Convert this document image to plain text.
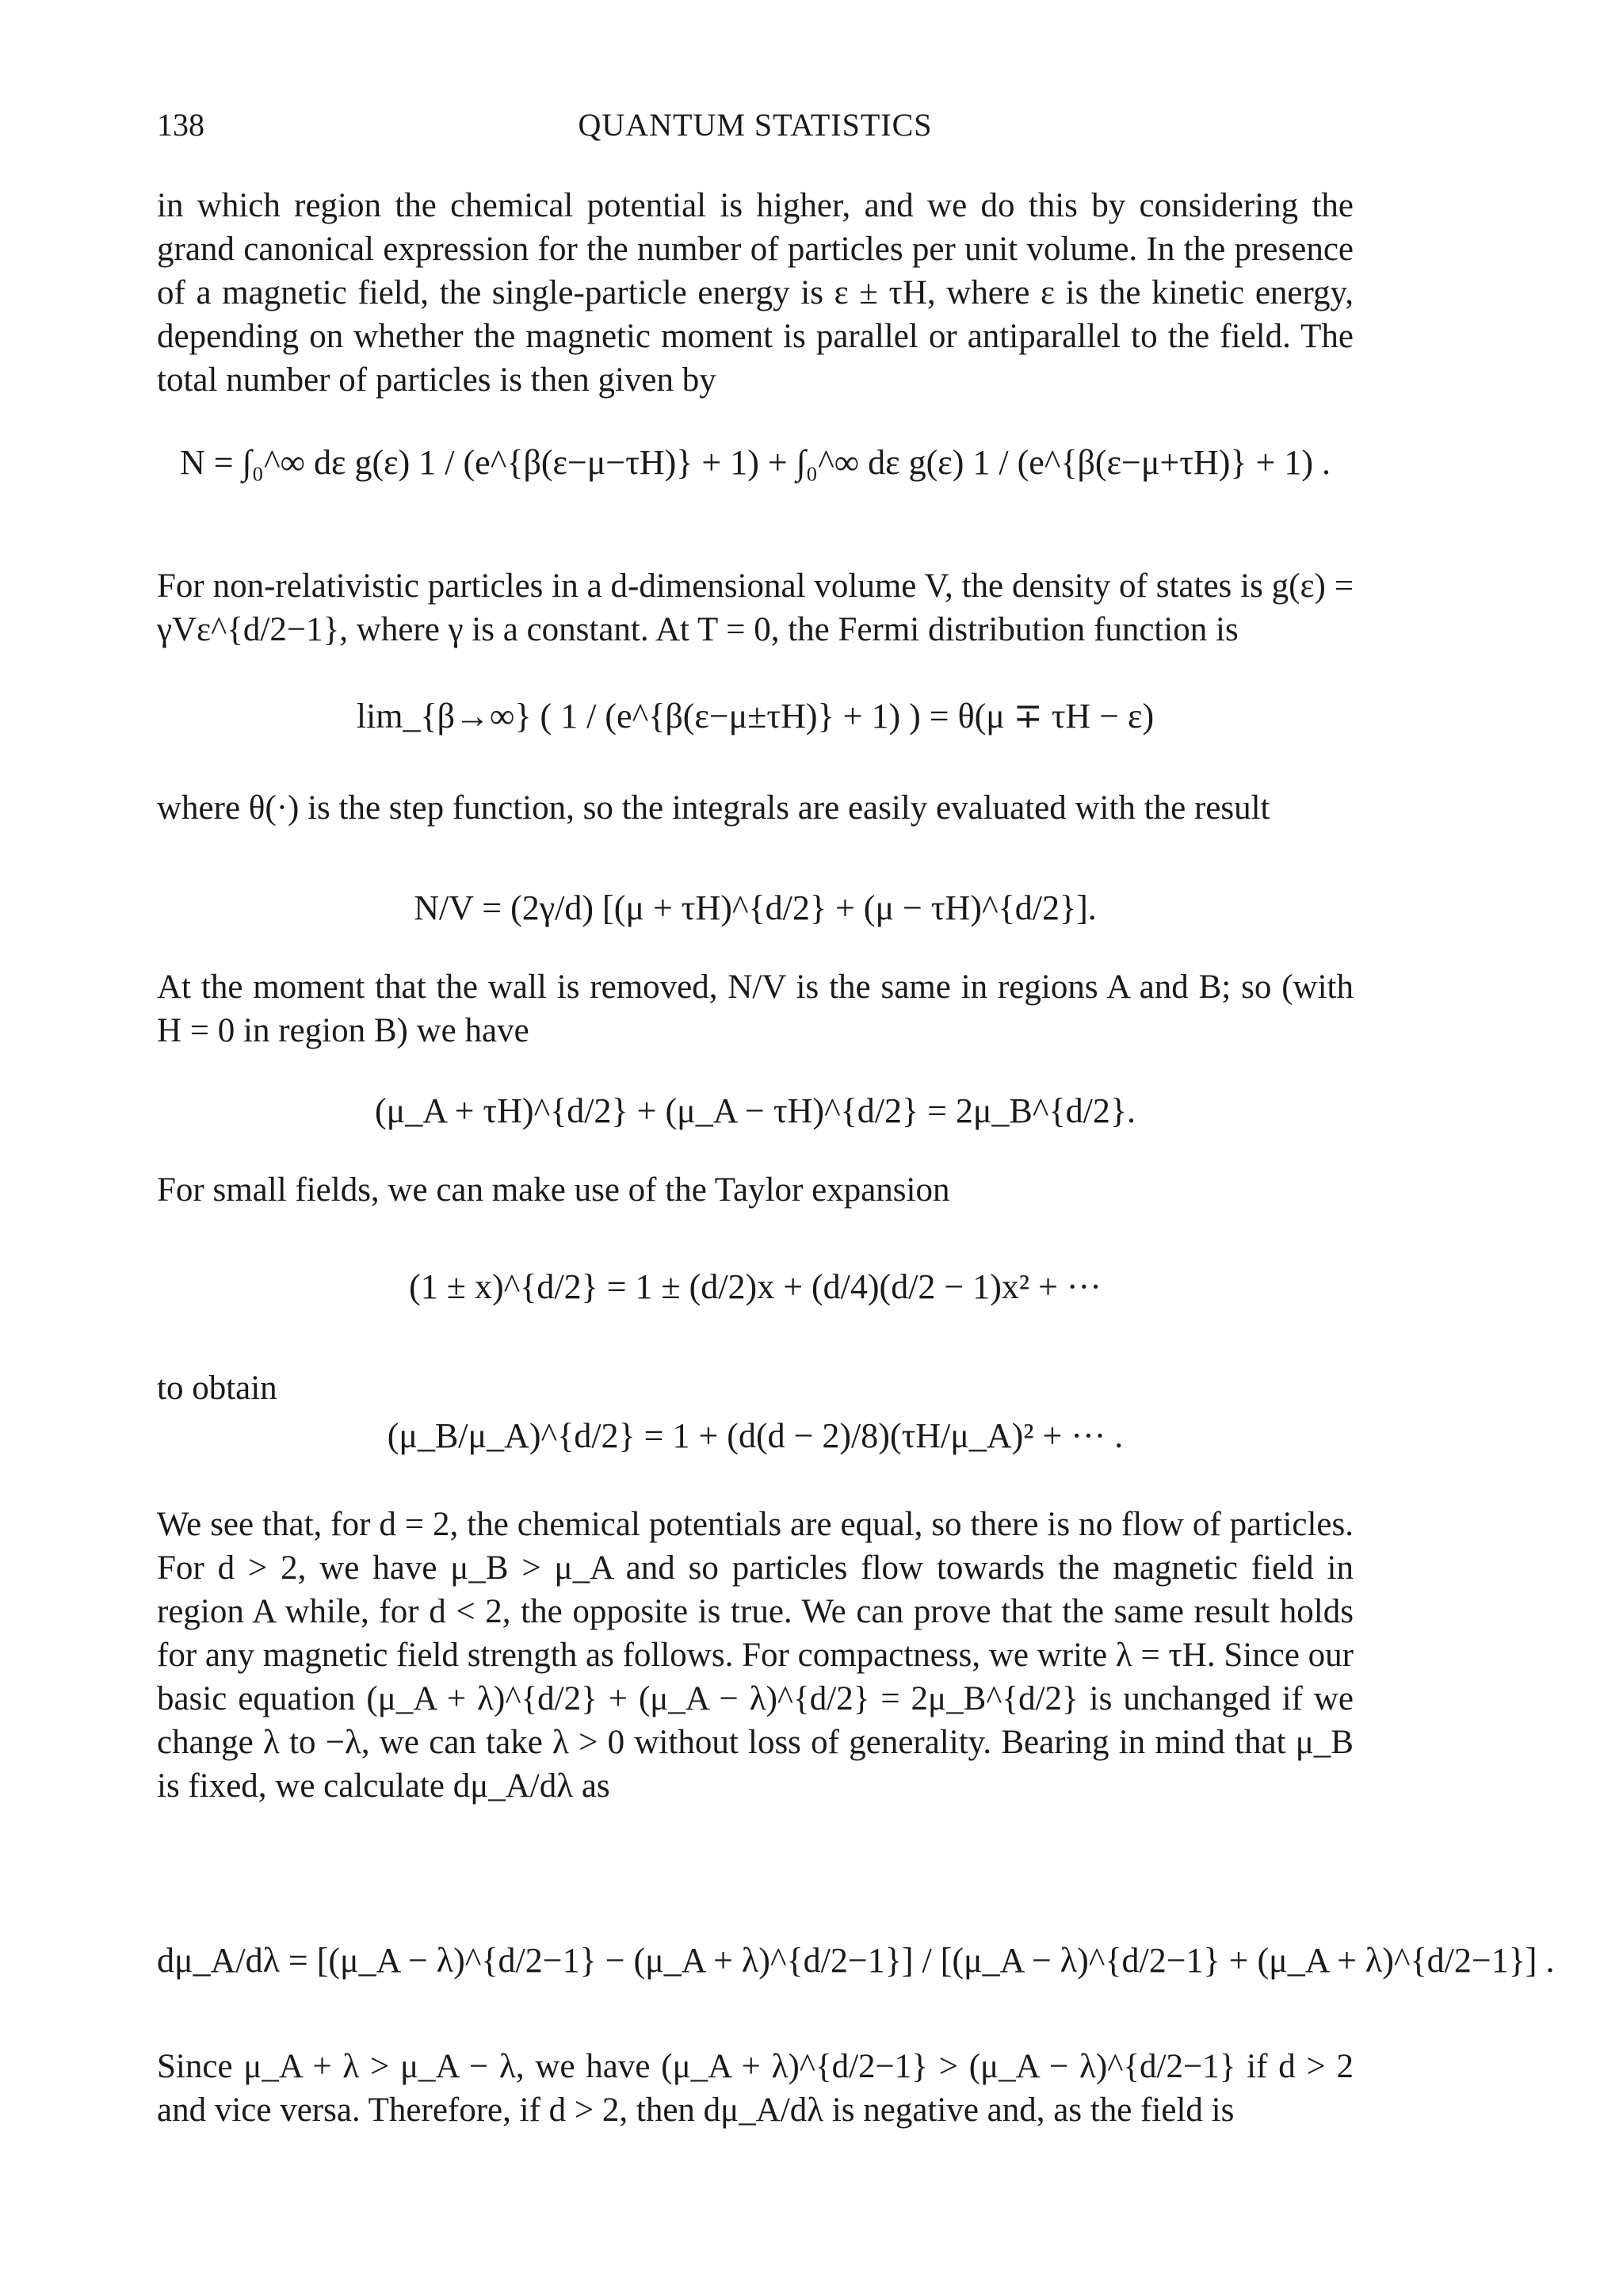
138	QUANTUM STATISTICS

in which region the chemical potential is higher, and we do this by considering the grand canonical expression for the number of particles per unit volume. In the presence of a magnetic field, the single-particle energy is ε ± τH, where ε is the kinetic energy, depending on whether the magnetic moment is parallel or antiparallel to the field. The total number of particles is then given by

N = ∫₀^∞ dε g(ε) 1 / (e^{β(ε−μ−τH)} + 1) + ∫₀^∞ dε g(ε) 1 / (e^{β(ε−μ+τH)} + 1) .

For non-relativistic particles in a d-dimensional volume V, the density of states is g(ε) = γVε^{d/2−1}, where γ is a constant. At T = 0, the Fermi distribution function is

lim_{β→∞} ( 1 / (e^{β(ε−μ±τH)} + 1) ) = θ(μ ∓ τH − ε)

where θ(·) is the step function, so the integrals are easily evaluated with the result

N/V = (2γ/d) [(μ + τH)^{d/2} + (μ − τH)^{d/2}].

At the moment that the wall is removed, N/V is the same in regions A and B; so (with H = 0 in region B) we have

(μ_A + τH)^{d/2} + (μ_A − τH)^{d/2} = 2μ_B^{d/2}.

For small fields, we can make use of the Taylor expansion

(1 ± x)^{d/2} = 1 ± (d/2)x + (d/4)(d/2 − 1)x² + ···

to obtain

(μ_B/μ_A)^{d/2} = 1 + (d(d − 2)/8)(τH/μ_A)² + ··· .

We see that, for d = 2, the chemical potentials are equal, so there is no flow of particles. For d > 2, we have μ_B > μ_A and so particles flow towards the magnetic field in region A while, for d < 2, the opposite is true. We can prove that the same result holds for any magnetic field strength as follows. For compactness, we write λ = τH. Since our basic equation (μ_A + λ)^{d/2} + (μ_A − λ)^{d/2} = 2μ_B^{d/2} is unchanged if we change λ to −λ, we can take λ > 0 without loss of generality. Bearing in mind that μ_B is fixed, we calculate dμ_A/dλ as

dμ_A/dλ = [(μ_A − λ)^{d/2−1} − (μ_A + λ)^{d/2−1}] / [(μ_A − λ)^{d/2−1} + (μ_A + λ)^{d/2−1}] .

Since μ_A + λ > μ_A − λ, we have (μ_A + λ)^{d/2−1} > (μ_A − λ)^{d/2−1} if d > 2 and vice versa. Therefore, if d > 2, then dμ_A/dλ is negative and, as the field is
